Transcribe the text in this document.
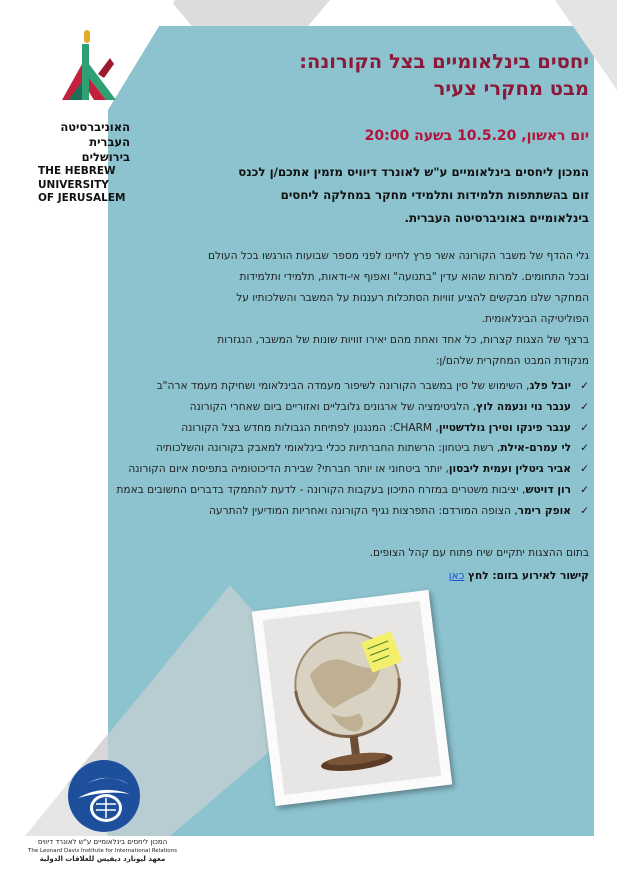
האוניברסיטה
העברית
בירושלים
THE HEBREW
UNIVERSITY
OF JERUSALEM
יחסים בינלאומיים בצל הקורונה:
מבט מחקרי צעיר
יום ראשון, 10.5.20 בשעה 20:00
המכון ליחסים בינלאומיים ע"ש לאונרד דיוויס מזמין אתכם/ן לכנס
זום בהשתתפות תלמידות ותלמידי מחקר במחלקה ליחסים
בינלאומיים באוניברסיטה העברית.
גלי ההדף של משבר הקורונה אשר פרץ לחיינו לפני מספר שבועות הורגשו בכל העולם
ובכל התחומים. למרות שהוא עדין "בתנועה" ואפוף אי-ודאות, תלמידי ותלמידות
המחקר שלנו מבקשים להציע זוויות הסתכלות רעננות על המשבר והשלכותיו על
הפוליטיקה הבינלאומית.
ברצף של הצגות קצרות, כל אחד ואחת מהם יאירו זוויות שונות של המשבר, הנגזרות
מנקודת המבט המחקרית שלהם/ן:
✓יובל פלג, השימוש של סין במשבר הקורונה לשיפור מעמדה הבינלאומי ושחיקת מעמד ארה"ב
✓ענבר נוי ונעמה לוץ, הלגיטימציה של ארגונים גלובליים ואזוריים ביום שאחרי הקורונה
✓ענבר פינקו וטירן גולדשטיין, CHARM: המנגנון לפתיחת הגבולות מחדש בצל הקורונה
✓לי עמרם-אילת, רשת ביטחון: הרשתות החברתיות ככלי בינלאומי למאבק בקורונה והשלכותיה
✓אביר גיטלין ועמית ליבסון, יותר ביטחוני או יותר חברתי? שבירת הדיכוטומיה בתפיסת איום הקורונה
✓רון דויטש, יציבות משטרים במזרח התיכון בעקבות הקורונה - לדעת להתמקד בדברים החשובים באמת
✓אופק רימר, הצופה המורדם: התפרצות נגיף הקורונה ואחריות המודיעין להתרעה
בתום ההצגות יתקיים שיח פתוח עם קהל הצופים.
קישור לאירוע בזום: לחץ כאן
המכון ליחסים בינלאומיים ע"ש לאונרד דיוויס
The Leonard Davis Institute for International Relations
معهد ليونارد ديفيس للعلاقات الدولية
